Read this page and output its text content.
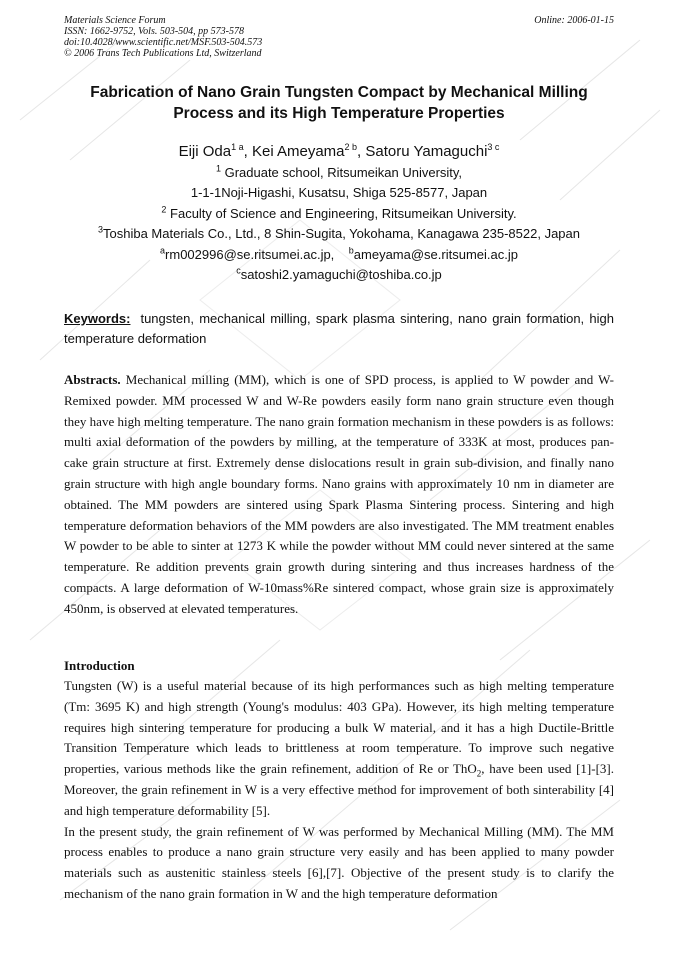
Materials Science Forum
ISSN: 1662-9752, Vols. 503-504, pp 573-578
doi:10.4028/www.scientific.net/MSF.503-504.573
© 2006 Trans Tech Publications Ltd, Switzerland
Online: 2006-01-15
Fabrication of Nano Grain Tungsten Compact by Mechanical Milling
Process and its High Temperature Properties
Eiji Oda$^{1 a}$, Kei Ameyama$^{2 b}$, Satoru Yamaguchi$^{3 c}$
$^1$ Graduate school, Ritsumeikan University,
1-1-1Noji-Higashi, Kusatsu, Shiga 525-8577, Japan
$^2$ Faculty of Science and Engineering, Ritsumeikan University.
$^3$Toshiba Materials Co., Ltd., 8 Shin-Sugita, Yokohama, Kanagawa 235-8522, Japan
$^a$rm002996@se.ritsumei.ac.jp, $^b$ameyama@se.ritsumei.ac.jp
$^c$satoshi2.yamaguchi@toshiba.co.jp
Keywords: tungsten, mechanical milling, spark plasma sintering, nano grain formation, high temperature deformation
Abstracts. Mechanical milling (MM), which is one of SPD process, is applied to W powder and W-Remixed powder. MM processed W and W-Re powders easily form nano grain structure even though they have high melting temperature. The nano grain formation mechanism in these powders is as follows: multi axial deformation of the powders by milling, at the temperature of 333K at most, produces pan-cake grain structure at first. Extremely dense dislocations result in grain sub-division, and finally nano grain structure with high angle boundary forms. Nano grains with approximately 10 nm in diameter are obtained. The MM powders are sintered using Spark Plasma Sintering process. Sintering and high temperature deformation behaviors of the MM powders are also investigated. The MM treatment enables W powder to be able to sinter at 1273 K while the powder without MM could never sintered at the same temperature. Re addition prevents grain growth during sintering and thus increases hardness of the compacts. A large deformation of W-10mass%Re sintered compact, whose grain size is approximately 450nm, is observed at elevated temperatures.
Introduction
Tungsten (W) is a useful material because of its high performances such as high melting temperature (Tm: 3695 K) and high strength (Young's modulus: 403 GPa). However, its high melting temperature requires high sintering temperature for producing a bulk W material, and it has a high Ductile-Brittle Transition Temperature which leads to brittleness at room temperature. To improve such negative properties, various methods like the grain refinement, addition of Re or ThO$_2$, have been used [1]-[3]. Moreover, the grain refinement in W is a very effective method for improvement of both sinterability [4] and high temperature deformability [5].
In the present study, the grain refinement of W was performed by Mechanical Milling (MM). The MM process enables to produce a nano grain structure very easily and has been applied to many powder materials such as austenitic stainless steels [6],[7]. Objective of the present study is to clarify the mechanism of the nano grain formation in W and the high temperature deformation
